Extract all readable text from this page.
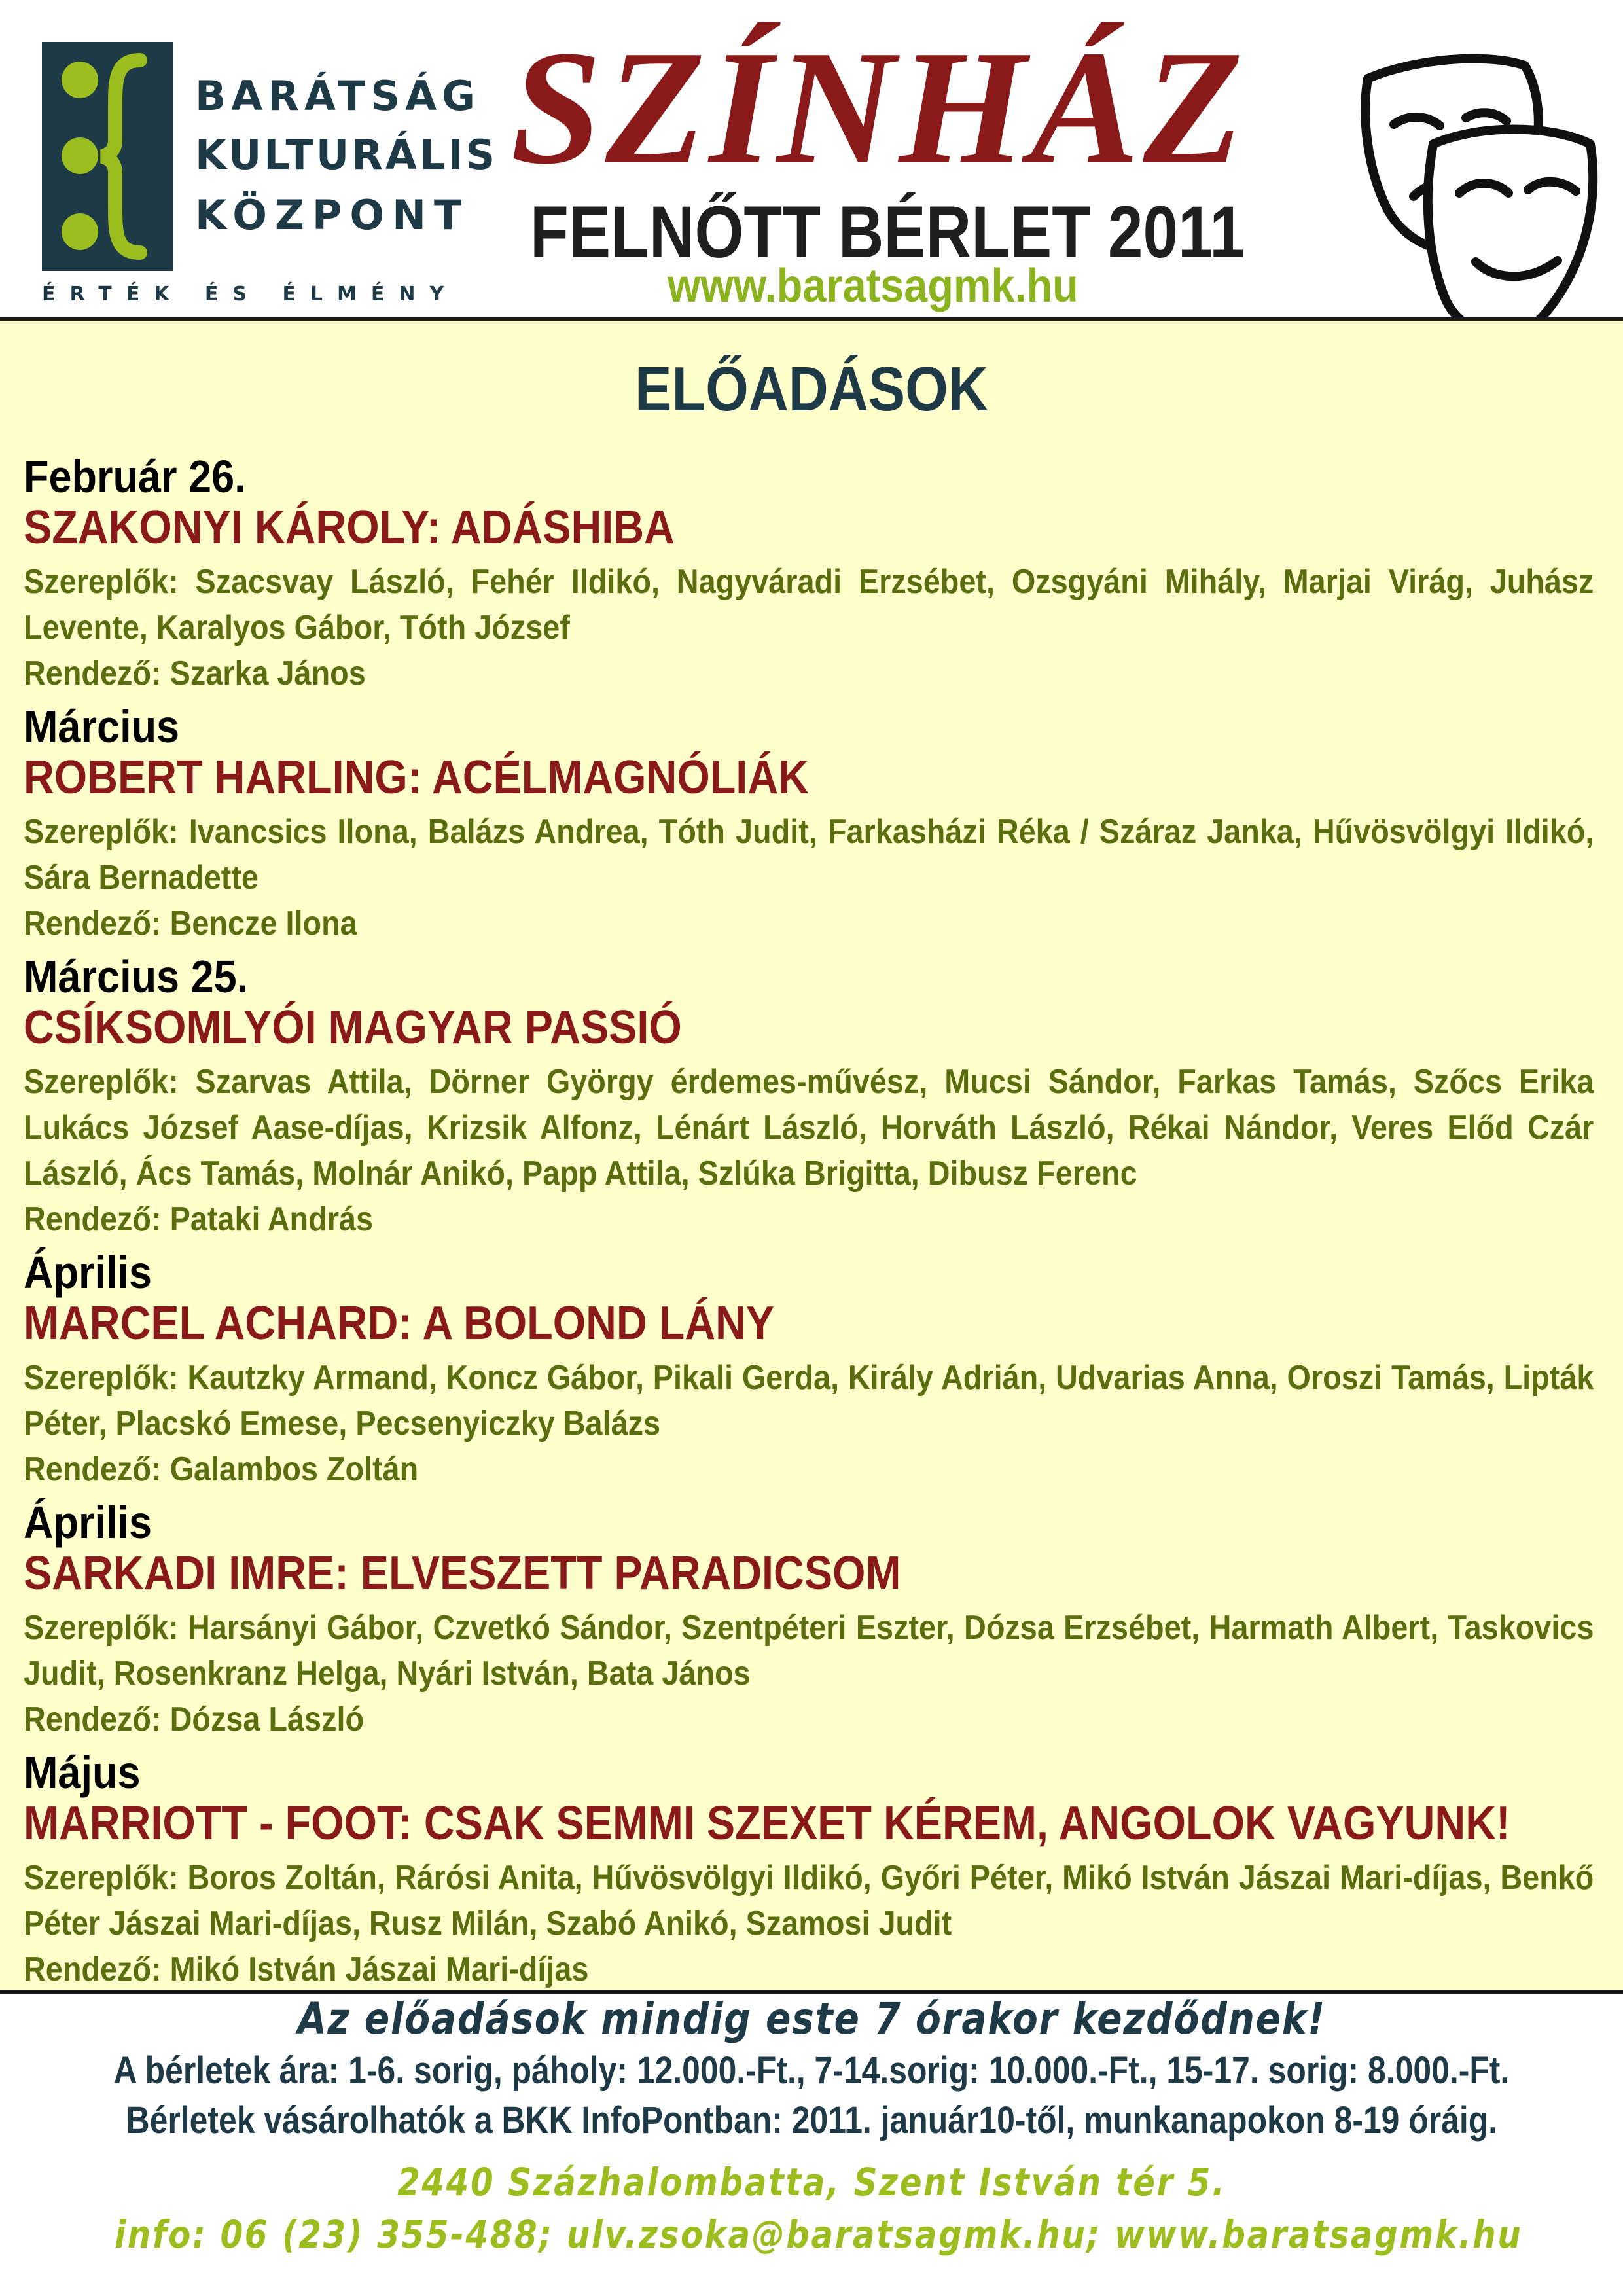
BARÁTSÁG
KULTURÁLIS
KÖZPONT
ÉRTÉK ÉS ÉLMÉNY
SZÍNHÁZ
FELNŐTT BÉRLET 2011
www.baratsagmk.hu
ELŐADÁSOK
Február 26.
SZAKONYI KÁROLY: ADÁSHIBA
Szereplők: Szacsvay László, Fehér Ildikó, Nagyváradi Erzsébet, Ozsgyáni Mihály, Marjai Virág, Juhász Levente, Karalyos Gábor, Tóth József
Rendező: Szarka János
Március
ROBERT HARLING: ACÉLMAGNÓLIÁK
Szereplők: Ivancsics Ilona, Balázs Andrea, Tóth Judit, Farkasházi Réka / Száraz Janka, Hűvösvölgyi Ildikó, Sára Bernadette
Rendező: Bencze Ilona
Március 25.
CSÍKSOMLYÓI MAGYAR PASSIÓ
Szereplők: Szarvas Attila, Dörner György érdemes-művész, Mucsi Sándor, Farkas Tamás, Szőcs Erika Lukács József Aase-díjas, Krizsik Alfonz, Lénárt László, Horváth László, Rékai Nándor, Veres Előd Czár László, Ács Tamás, Molnár Anikó, Papp Attila, Szlúka Brigitta, Dibusz Ferenc
Rendező: Pataki András
Április
MARCEL ACHARD: A BOLOND LÁNY
Szereplők: Kautzky Armand, Koncz Gábor, Pikali Gerda, Király Adrián, Udvarias Anna, Oroszi Tamás, Lipták Péter, Placskó Emese, Pecsenyiczky Balázs
Rendező: Galambos Zoltán
Április
SARKADI IMRE: ELVESZETT PARADICSOM
Szereplők: Harsányi Gábor, Czvetkó Sándor, Szentpéteri Eszter, Dózsa Erzsébet, Harmath Albert, Taskovics Judit, Rosenkranz Helga, Nyári István, Bata János
Rendező: Dózsa László
Május
MARRIOTT - FOOT: CSAK SEMMI SZEXET KÉREM, ANGOLOK VAGYUNK!
Szereplők: Boros Zoltán, Rárósi Anita, Hűvösvölgyi Ildikó, Győri Péter, Mikó István Jászai Mari-díjas, Benkő Péter Jászai Mari-díjas, Rusz Milán, Szabó Anikó, Szamosi Judit
Rendező: Mikó István Jászai Mari-díjas
Az előadások mindig este 7 órakor kezdődnek!
A bérletek ára: 1-6. sorig, páholy: 12.000.-Ft., 7-14.sorig: 10.000.-Ft., 15-17. sorig: 8.000.-Ft.
Bérletek vásárolhatók a BKK InfoPontban: 2011. január10-től, munkanapokon 8-19 óráig.
2440 Százhalombatta, Szent István tér 5.
info: 06 (23) 355-488; ulv.zsoka@baratsagmk.hu; www.baratsagmk.hu
